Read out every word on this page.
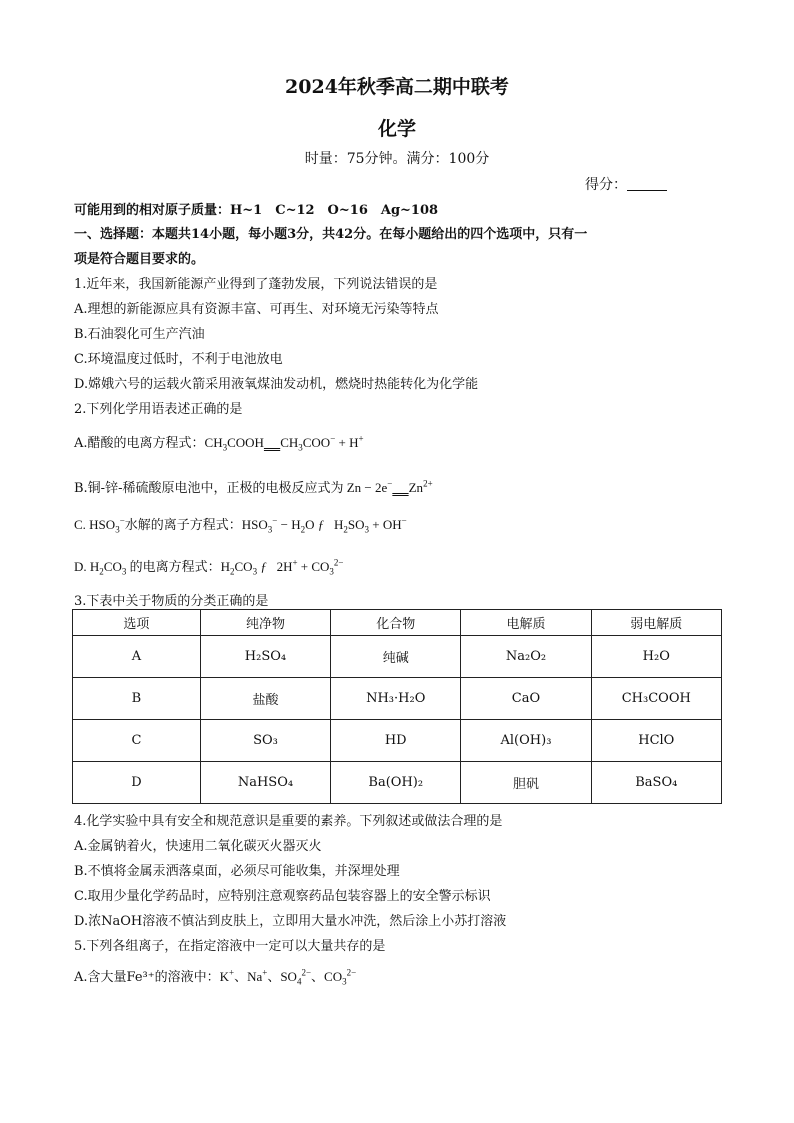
2024年秋季高二期中联考
化学
时量：75分钟。满分：100分
得分：
可能用到的相对原子质量：H~1　C~12　O~16　Ag~108
一、选择题：本题共14小题，每小题3分，共42分。在每小题给出的四个选项中，只有一
项是符合题目要求的。
1.近年来，我国新能源产业得到了蓬勃发展，下列说法错误的是
A.理想的新能源应具有资源丰富、可再生、对环境无污染等特点
B.石油裂化可生产汽油
C.环境温度过低时，不利于电池放电
D.嫦娥六号的运载火箭采用液氧煤油发动机，燃烧时热能转化为化学能
2.下列化学用语表述正确的是
A.醋酸的电离方程式：$CH_3COOH$ $CH_3COO^- + H^+$
B.铜-锌-稀硫酸原电池中，正极的电极反应式为 Zn − 2e− $Zn^{2+}$
C. $HSO_3^-$水解的离子方程式：$HSO_3^- - H_2O$ ƒ   $H_2SO_3 + OH^-$
D. $H_2CO_3$ 的电离方程式：$H_2CO_3$ ƒ   $2H^+ + CO_3^{2-}$
3.下表中关于物质的分类正确的是
选项	纯净物	化合物	电解质	弱电解质
A	H₂SO₄	纯碱	Na₂O₂	H₂O
B	盐酸	NH₃·H₂O	CaO	CH₃COOH
C	SO₃	HD	Al(OH)₃	HClO
D	NaHSO₄	Ba(OH)₂	胆矾	BaSO₄
4.化学实验中具有安全和规范意识是重要的素养。下列叙述或做法合理的是
A.金属钠着火，快速用二氧化碳灭火器灭火
B.不慎将金属汞洒落桌面，必须尽可能收集，并深埋处理
C.取用少量化学药品时，应特别注意观察药品包装容器上的安全警示标识
D.浓NaOH溶液不慎沾到皮肤上，立即用大量水冲洗，然后涂上小苏打溶液
5.下列各组离子，在指定溶液中一定可以大量共存的是
A.含大量Fe³⁺的溶液中：K+、Na+、$SO_4^{2-}$、$CO_3^{2-}$
